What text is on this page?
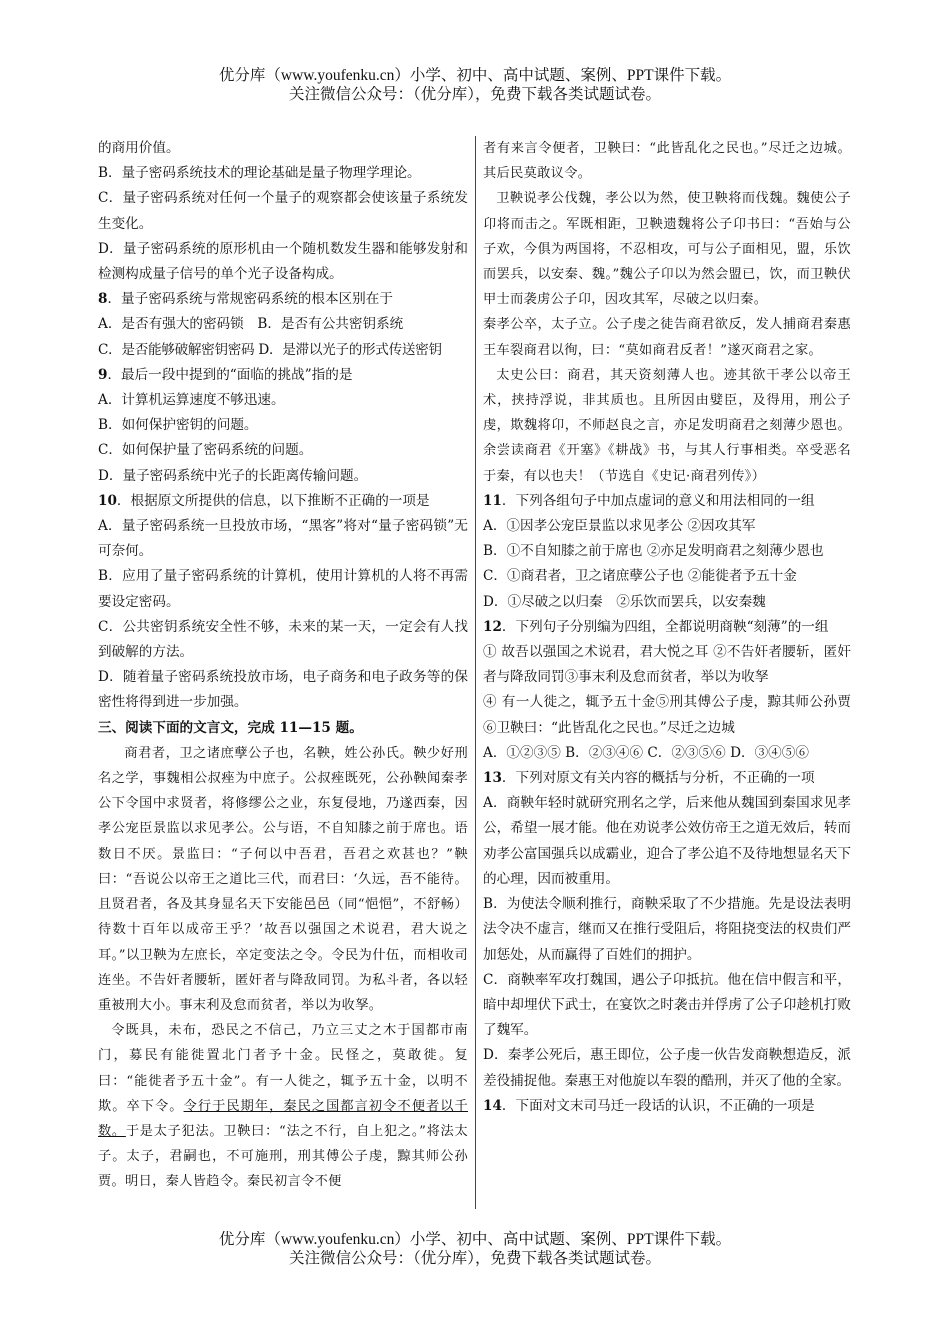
优分库（www.youfenku.cn）小学、初中、高中试题、案例、PPT课件下载。
关注微信公众号：（优分库），免费下载各类试题试卷。

的商用价值。

B．量子密码系统技术的理论基础是量子物理学理论。

C．量子密码系统对任何一个量子的观察都会使该量子系统发生变化。

D．量子密码系统的原形机由一个随机数发生器和能够发射和检测构成量子信号的单个光子设备构成。

8．量子密码系统与常规密码系统的根本区别在于

A．是否有强大的密码锁　B．是否有公共密钥系统

C．是否能够破解密钥密码 D．是滞以光子的形式传送密钥

9．最后一段中提到的“面临的挑战”指的是

A．计算机运算速度不够迅速。

B．如何保护密钥的问题。

C．如何保护量了密码系统的问题。

D．量子密码系统中光子的长距离传输问题。

10．根据原文所提供的信息，以下推断不正确的一项是

A．量子密码系统一旦投放市场，“黑客”将对“量子密码锁”无可奈何。

B．应用了量子密码系统的计算机，使用计算机的人将不再需要设定密码。

C．公共密钥系统安全性不够，未来的某一天，一定会有人找到破解的方法。

D．随着量子密码系统投放市场，电子商务和电子政务等的保密性将得到进一步加强。

三、阅读下面的文言文，完成 11—15 题。

商君者，卫之诸庶孽公子也，名鞅，姓公孙氏。鞅少好刑名之学，事魏相公叔痤为中庶子。公叔痤既死，公孙鞅闻秦孝公下令国中求贤者，将修缪公之业，东复侵地，乃遂西秦，因孝公宠臣景监以求见孝公。公与语，不自知膝之前于席也。语数日不厌。景监曰：“子何以中吾君，吾君之欢甚也？”鞅曰：“吾说公以帝王之道比三代，而君曰：‘久远，吾不能待。且贤君者，各及其身显名天下安能邑邑（同“悒悒”，不舒畅）待数十百年以成帝王乎？’故吾以强国之术说君，君大说之耳。”以卫鞅为左庶长，卒定变法之令。令民为什伍，而相收司连坐。不告奸者腰斩，匿奸者与降敌同罚。为私斗者，各以轻重被刑大小。事末利及怠而贫者，举以为收孥。

令既具，未布，恐民之不信己，乃立三丈之木于国都市南门，募民有能徙置北门者予十金。民怪之，莫敢徙。复曰：“能徙者予五十金”。有一人徙之，辄予五十金，以明不欺。卒下令。令行于民期年，秦民之国都言初令不便者以千数。于是太子犯法。卫鞅曰：“法之不行，自上犯之。”将法太子。太子，君嗣也，不可施刑，刑其傅公子虔，黥其师公孙贾。明日，秦人皆趋令。秦民初言令不便

者有来言令便者，卫鞅曰：“此皆乱化之民也。”尽迁之边城。其后民莫敢议令。

卫鞅说孝公伐魏，孝公以为然，使卫鞅将而伐魏。魏使公子卬将而击之。军既相距，卫鞅遗魏将公子卬书曰：“吾始与公子欢，今俱为两国将，不忍相攻，可与公子面相见，盟，乐饮而罢兵，以安秦、魏。”魏公子卬以为然会盟已，饮，而卫鞅伏甲士而袭虏公子卬，因攻其军，尽破之以归秦。

秦孝公卒，太子立。公子虔之徒告商君欲反，发人捕商君秦惠王车裂商君以徇，曰：“莫如商君反者！”遂灭商君之家。

太史公曰：商君，其天资刻薄人也。迹其欲干孝公以帝王术，挟持浮说，非其质也。且所因由嬖臣，及得用，刑公子虔，欺魏将卬，不师赵良之言，亦足发明商君之刻薄少恩也。余尝读商君《开塞》《耕战》书，与其人行事相类。卒受恶名于秦，有以也夫！（节选自《史记·商君列传》）

11．下列各组句子中加点虚词的意义和用法相同的一组

A．①因孝公宠臣景监以求见孝公 ②因攻其军

B．①不自知膝之前于席也 ②亦足发明商君之刻薄少恩也

C．①商君者，卫之诸庶孽公子也 ②能徙者予五十金

D．①尽破之以归秦　②乐饮而罢兵，以安秦魏

12．下列句子分别编为四组，全都说明商鞅“刻薄”的一组

① 故吾以强国之术说君，君大悦之耳 ②不告奸者腰斩，匿奸者与降敌同罚③事末利及怠而贫者，举以为收孥

④ 有一人徙之，辄予五十金⑤刑其傅公子虔，黥其师公孙贾 ⑥卫鞅曰：“此皆乱化之民也。”尽迁之边城

A．①②③⑤ B．②③④⑥ C．②③⑤⑥ D．③④⑤⑥

13．下列对原文有关内容的概括与分析，不正确的一项

A．商鞅年轻时就研究刑名之学，后来他从魏国到秦国求见孝公，希望一展才能。他在劝说孝公效仿帝王之道无效后，转而劝孝公富国强兵以成霸业，迎合了孝公追不及待地想显名天下的心理，因而被重用。

B．为使法令顺利推行，商鞅采取了不少措施。先是设法表明法令决不虚言，继而又在推行受阻后，将阻挠变法的权贵们严加惩处，从而赢得了百姓们的拥护。

C．商鞅率军攻打魏国，遇公子卬抵抗。他在信中假言和平，暗中却埋伏下武士，在宴饮之时袭击并俘虏了公子卬趁机打败了魏军。

D．秦孝公死后，惠王即位，公子虔一伙告发商鞅想造反，派差役捕捉他。秦惠王对他旋以车裂的酷刑，并灭了他的全家。

14．下面对文末司马迁一段话的认识，不正确的一项是

优分库（www.youfenku.cn）小学、初中、高中试题、案例、PPT课件下载。
关注微信公众号：（优分库），免费下载各类试题试卷。
